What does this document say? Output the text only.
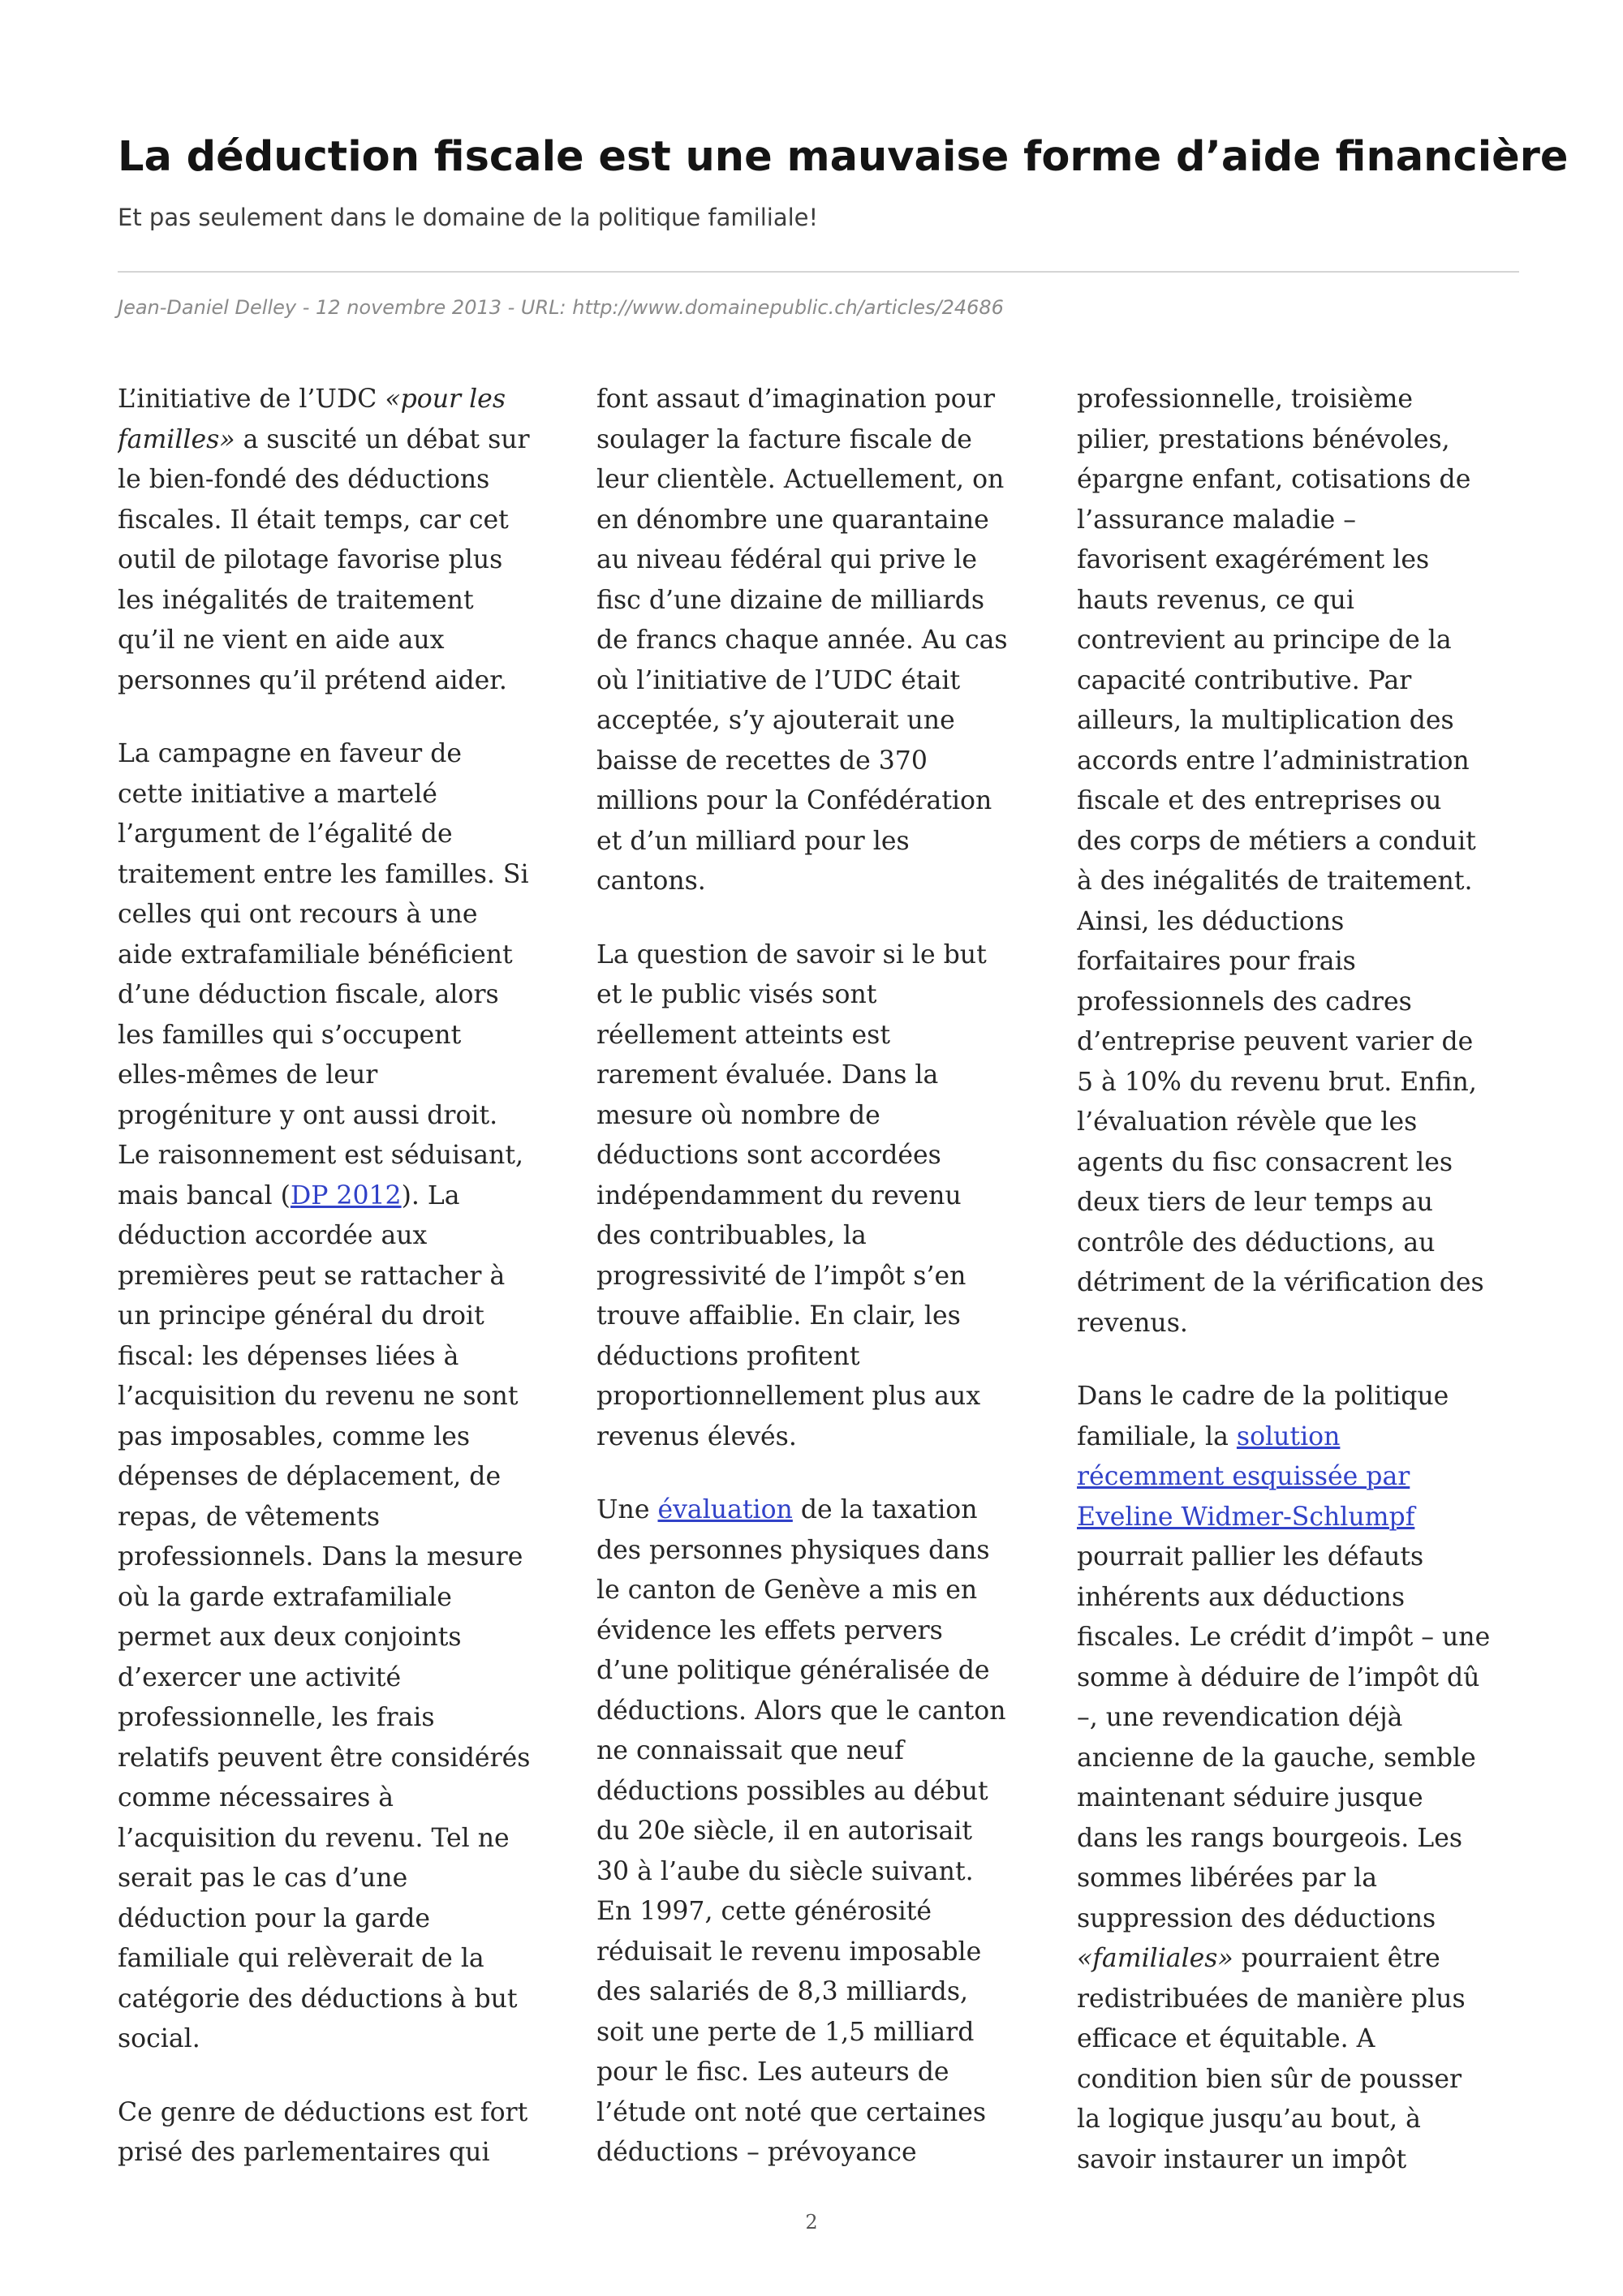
La déduction fiscale est une mauvaise forme d’aide financière

Et pas seulement dans le domaine de la politique familiale!

Jean-Daniel Delley - 12 novembre 2013 - URL: http://www.domainepublic.ch/articles/24686

L’initiative de l’UDC «pour les
familles» a suscité un débat sur
le bien-fondé des déductions
fiscales. Il était temps, car cet
outil de pilotage favorise plus
les inégalités de traitement
qu’il ne vient en aide aux
personnes qu’il prétend aider.

La campagne en faveur de
cette initiative a martelé
l’argument de l’égalité de
traitement entre les familles. Si
celles qui ont recours à une
aide extrafamiliale bénéficient
d’une déduction fiscale, alors
les familles qui s’occupent
elles-mêmes de leur
progéniture y ont aussi droit.
Le raisonnement est séduisant,
mais bancal (DP 2012). La
déduction accordée aux
premières peut se rattacher à
un principe général du droit
fiscal: les dépenses liées à
l’acquisition du revenu ne sont
pas imposables, comme les
dépenses de déplacement, de
repas, de vêtements
professionnels. Dans la mesure
où la garde extrafamiliale
permet aux deux conjoints
d’exercer une activité
professionnelle, les frais
relatifs peuvent être considérés
comme nécessaires à
l’acquisition du revenu. Tel ne
serait pas le cas d’une
déduction pour la garde
familiale qui relèverait de la
catégorie des déductions à but
social.

Ce genre de déductions est fort
prisé des parlementaires qui

font assaut d’imagination pour
soulager la facture fiscale de
leur clientèle. Actuellement, on
en dénombre une quarantaine
au niveau fédéral qui prive le
fisc d’une dizaine de milliards
de francs chaque année. Au cas
où l’initiative de l’UDC était
acceptée, s’y ajouterait une
baisse de recettes de 370
millions pour la Confédération
et d’un milliard pour les
cantons.

La question de savoir si le but
et le public visés sont
réellement atteints est
rarement évaluée. Dans la
mesure où nombre de
déductions sont accordées
indépendamment du revenu
des contribuables, la
progressivité de l’impôt s’en
trouve affaiblie. En clair, les
déductions profitent
proportionnellement plus aux
revenus élevés.

Une évaluation de la taxation
des personnes physiques dans
le canton de Genève a mis en
évidence les effets pervers
d’une politique généralisée de
déductions. Alors que le canton
ne connaissait que neuf
déductions possibles au début
du 20e siècle, il en autorisait
30 à l’aube du siècle suivant.
En 1997, cette générosité
réduisait le revenu imposable
des salariés de 8,3 milliards,
soit une perte de 1,5 milliard
pour le fisc. Les auteurs de
l’étude ont noté que certaines
déductions – prévoyance

professionnelle, troisième
pilier, prestations bénévoles,
épargne enfant, cotisations de
l’assurance maladie –
favorisent exagérément les
hauts revenus, ce qui
contrevient au principe de la
capacité contributive. Par
ailleurs, la multiplication des
accords entre l’administration
fiscale et des entreprises ou
des corps de métiers a conduit
à des inégalités de traitement.
Ainsi, les déductions
forfaitaires pour frais
professionnels des cadres
d’entreprise peuvent varier de
5 à 10% du revenu brut. Enfin,
l’évaluation révèle que les
agents du fisc consacrent les
deux tiers de leur temps au
contrôle des déductions, au
détriment de la vérification des
revenus.

Dans le cadre de la politique
familiale, la solution
récemment esquissée par
Eveline Widmer-Schlumpf
pourrait pallier les défauts
inhérents aux déductions
fiscales. Le crédit d’impôt – une
somme à déduire de l’impôt dû
–, une revendication déjà
ancienne de la gauche, semble
maintenant séduire jusque
dans les rangs bourgeois. Les
sommes libérées par la
suppression des déductions
«familiales» pourraient être
redistribuées de manière plus
efficace et équitable. A
condition bien sûr de pousser
la logique jusqu’au bout, à
savoir instaurer un impôt

2
